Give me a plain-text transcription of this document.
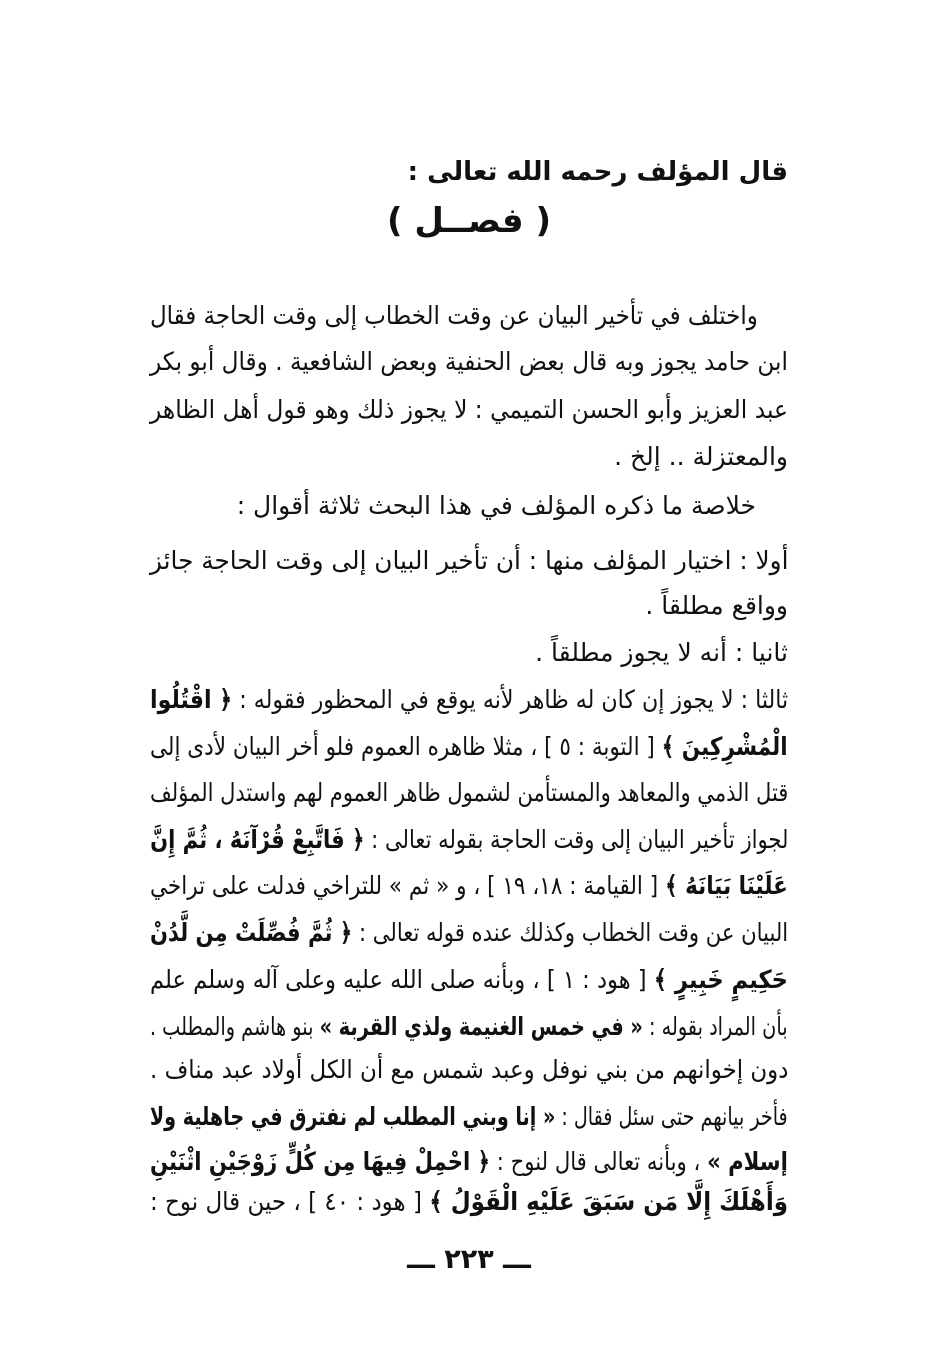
قال المؤلف رحمه الله تعالى :
( فصــل )
واختلف في تأخير البيان عن وقت الخطاب إلى وقت الحاجة فقال
ابن حامد يجوز وبه قال بعض الحنفية وبعض الشافعية . وقال أبو بكر
عبد العزيز وأبو الحسن التميمي : لا يجوز ذلك وهو قول أهل الظاهر
والمعتزلة .. إلخ .
خلاصة ما ذكره المؤلف في هذا البحث ثلاثة أقوال :
أولا : اختيار المؤلف منها : أن تأخير البيان إلى وقت الحاجة جائز
وواقع مطلقاً .
ثانيا : أنه لا يجوز مطلقاً .
ثالثا : لا يجوز إن كان له ظاهر لأنه يوقع في المحظور فقوله : ﴿ اقْتُلُوا
الْمُشْرِكِينَ ﴾ [ التوبة : ٥ ] ، مثلا ظاهره العموم فلو أخر البيان لأدى إلى
قتل الذمي والمعاهد والمستأمن لشمول ظاهر العموم لهم واستدل المؤلف
لجواز تأخير البيان إلى وقت الحاجة بقوله تعالى : ﴿ فَاتَّبِعْ قُرْآنَهُ ، ثُمَّ إِنَّ
عَلَيْنَا بَيَانَهُ ﴾ [ القيامة : ١٨، ١٩ ] ، و « ثم » للتراخي فدلت على تراخي
البيان عن وقت الخطاب وكذلك عنده قوله تعالى : ﴿ ثُمَّ فُصِّلَتْ مِن لَّدُنْ
حَكِيمٍ خَبِيرٍ ﴾ [ هود : ١ ] ، وبأنه صلى الله عليه وعلى آله وسلم علم
بأن المراد بقوله : « في خمس الغنيمة ولذي القربة » بنو هاشم والمطلب .
دون إخوانهم من بني نوفل وعبد شمس مع أن الكل أولاد عبد مناف .
فأخر بيانهم حتى سئل فقال : « إنا وبني المطلب لم نفترق في جاهلية ولا
إسلام » ، وبأنه تعالى قال لنوح : ﴿ احْمِلْ فِيهَا مِن كُلٍّ زَوْجَيْنِ اثْنَيْنِ
وَأَهْلَكَ إِلَّا مَن سَبَقَ عَلَيْهِ الْقَوْلُ ﴾ [ هود : ٤٠ ] ، حين قال نوح :
ـــ ٢٢٣ ـــ
